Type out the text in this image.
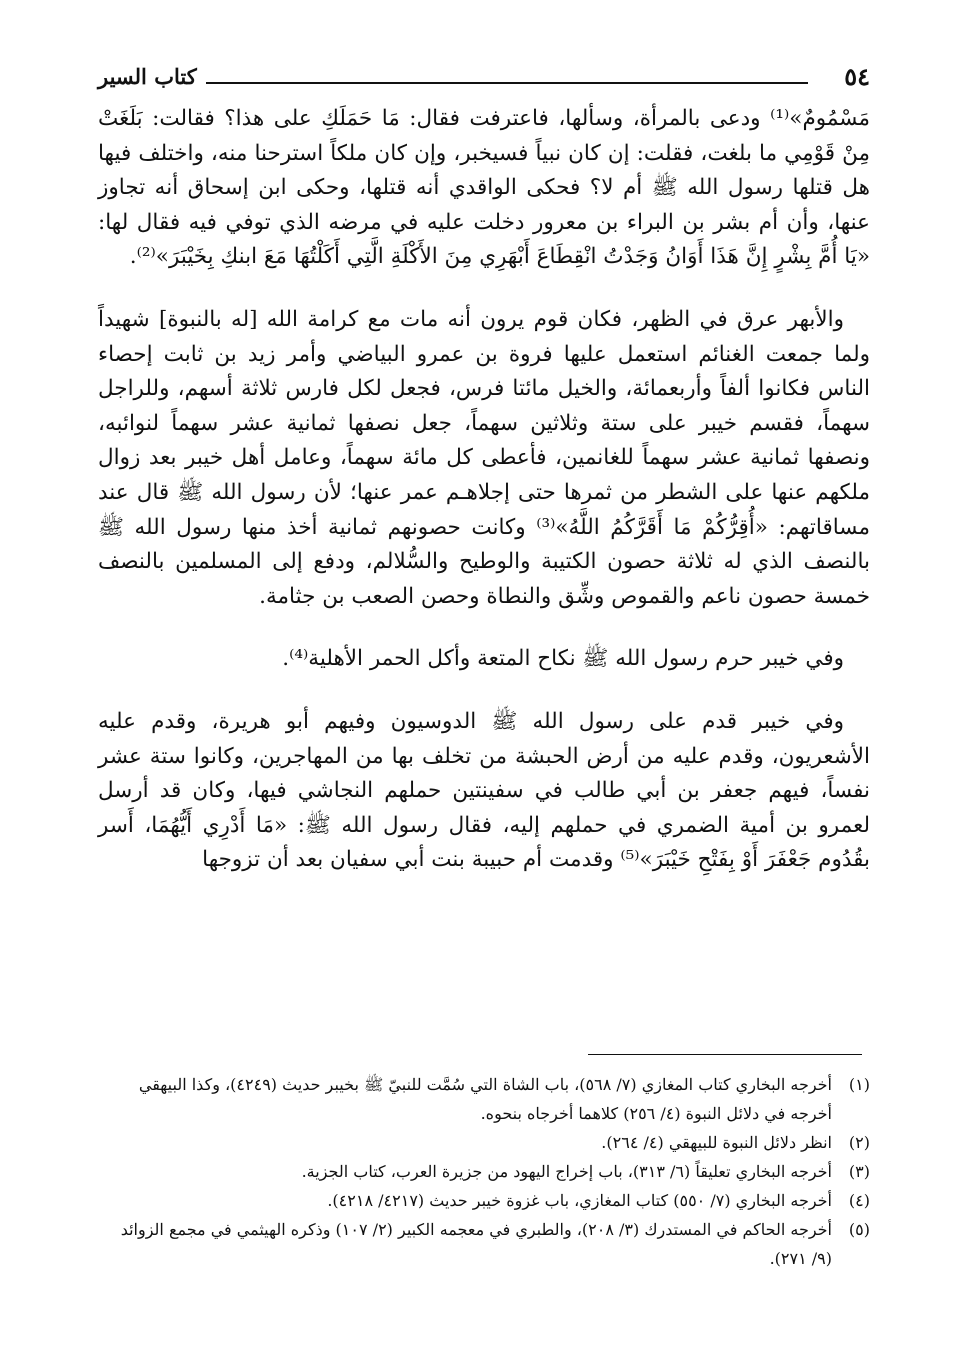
٥٤
كتاب السير

مَسْمُومٌ»⁽¹⁾ ودعى بالمرأة، وسألها، فاعترفت فقال: مَا حَمَلَكِ على هذا؟ فقالت: بَلَغَتْ مِنْ قَوْمِي ما بلغت، فقلت: إن كان نبياً فسيخبر، وإن كان ملكاً استرحنا منه، واختلف فيها هل قتلها رسول الله ﷺ أم لا؟ فحكى الواقدي أنه قتلها، وحكى ابن إسحاق أنه تجاوز عنها، وأن أم بشر بن البراء بن معرور دخلت عليه في مرضه الذي توفي فيه فقال لها: «يَا أُمَّ بِشْرٍ إِنَّ هَذَا أَوَانُ وَجَدْتُ انْقِطَاعَ أَبْهَرِي مِنَ الأَكْلَةِ الَّتِي أَكَلْتُهَا مَعَ ابنكِ بِخَيْبَرَ»⁽²⁾.

والأبهر عرق في الظهر، فكان قوم يرون أنه مات مع كرامة الله [له بالنبوة] شهيداً ولما جمعت الغنائم استعمل عليها فروة بن عمرو البياضي وأمر زيد بن ثابت إحصاء الناس فكانوا ألفاً وأربعمائة، والخيل مائتا فرس، فجعل لكل فارس ثلاثة أسهم، وللراجل سهماً، فقسم خيبر على ستة وثلاثين سهماً، جعل نصفها ثمانية عشر سهماً لنوائبه، ونصفها ثمانية عشر سهماً للغانمين، فأعطى كل مائة سهماً، وعامل أهل خيبر بعد زوال ملكهم عنها على الشطر من ثمرها حتى إجلاهـم عمر عنها؛ لأن رسول الله ﷺ قال عند مساقاتهم: «أُقِرُّكُمْ مَا أَقَرَّكُمُ اللَّهُ»⁽³⁾ وكانت حصونهم ثمانية أخذ منها رسول الله ﷺ بالنصف الذي له ثلاثة حصون الكتيبة والوطيح والسُّلالم، ودفع إلى المسلمين بالنصف خمسة حصون ناعم والقموص وشِّق والنطاة وحصن الصعب بن جثامة.

وفي خيبر حرم رسول الله ﷺ نكاح المتعة وأكل الحمر الأهلية⁽⁴⁾.

وفي خيبر قدم على رسول الله ﷺ الدوسيون وفيهم أبو هريرة، وقدم عليه الأشعريون، وقدم عليه من أرض الحبشة من تخلف بها من المهاجرين، وكانوا ستة عشر نفساً، فيهم جعفر بن أبي طالب في سفينتين حملهم النجاشي فيها، وكان قد أرسل لعمرو بن أمية الضمري في حملهم إليه، فقال رسول الله ﷺ: «مَا أَدْرِي أَيُّهُمَا، أَسر بقُدُوم جَعْفَرَ أَوْ بِفَتْحِ خَيْبَرَ»⁽⁵⁾ وقدمت أم حبيبة بنت أبي سفيان بعد أن تزوجها

(١)
أخرجه البخاري كتاب المغازي (٧/ ٥٦٨)، باب الشاة التي سُمَّت للنبيّ ﷺ بخيبر حديث (٤٢٤٩)، وكذا البيهقي أخرجه في دلائل النبوة (٤/ ٢٥٦) كلاهما أخرجاه بنحوه.

(٢)
انظر دلائل النبوة للبيهقي (٤/ ٢٦٤).

(٣)
أخرجه البخاري تعليقاً (٦/ ٣١٣)، باب إخراج اليهود من جزيرة العرب، كتاب الجزية.

(٤)
أخرجه البخاري (٧/ ٥٥٠) كتاب المغازي، باب غزوة خيبر حديث (٤٢١٧/ ٤٢١٨).

(٥)
أخرجه الحاكم في المستدرك (٣/ ٢٠٨)، والطبري في معجمه الكبير (٢/ ١٠٧) وذكره الهيثمي في مجمع الزوائد (٩/ ٢٧١).
